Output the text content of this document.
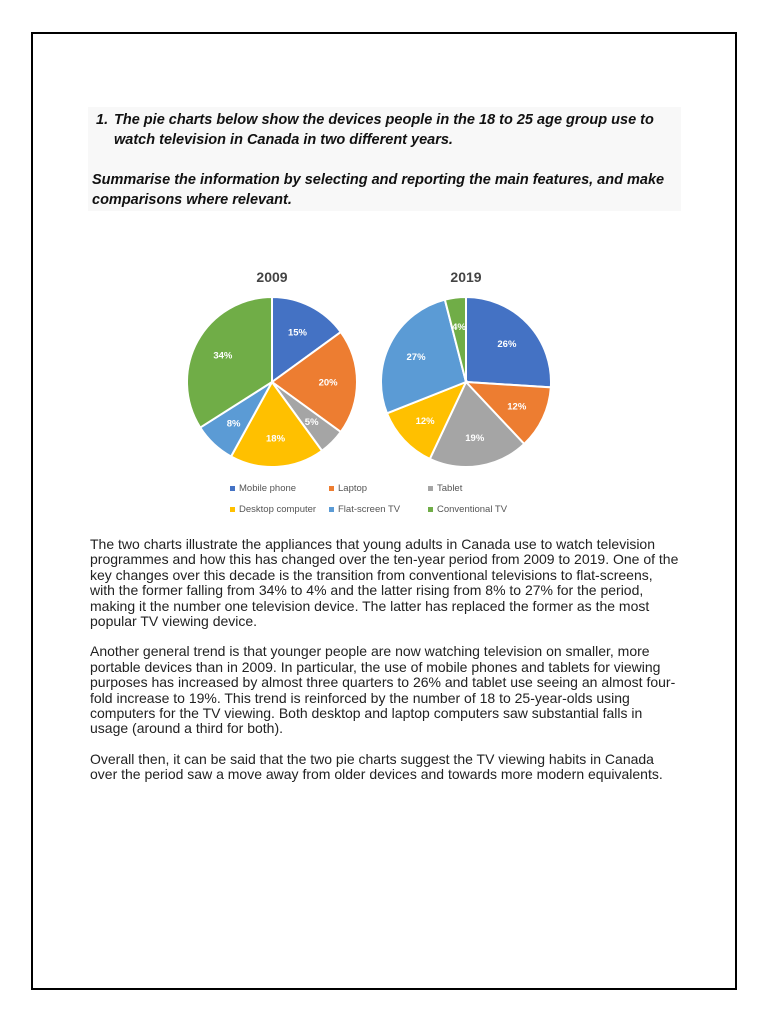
1. The pie charts below show the devices people in the 18 to 25 age group use to watch television in Canada in two different years.

Summarise the information by selecting and reporting the main features, and make comparisons where relevant.

2009
15%
20%
5%
18%
8%
34%
2019
26%
12%
19%
12%
27%
4%
Mobile phone	Laptop	Tablet
Desktop computer Flat-screen TV	Conventional TV

The two charts illustrate the appliances that young adults in Canada use to watch television programmes and how this has changed over the ten-year period from 2009 to 2019. One of the key changes over this decade is the transition from conventional televisions to flat-screens, with the former falling from 34% to 4% and the latter rising from 8% to 27% for the period, making it the number one television device. The latter has replaced the former as the most popular TV viewing device.

Another general trend is that younger people are now watching television on smaller, more portable devices than in 2009. In particular, the use of mobile phones and tablets for viewing purposes has increased by almost three quarters to 26% and tablet use seeing an almost four-fold increase to 19%. This trend is reinforced by the number of 18 to 25-year-olds using computers for the TV viewing. Both desktop and laptop computers saw substantial falls in usage (around a third for both).

Overall then, it can be said that the two pie charts suggest the TV viewing habits in Canada over the period saw a move away from older devices and towards more modern equivalents.
